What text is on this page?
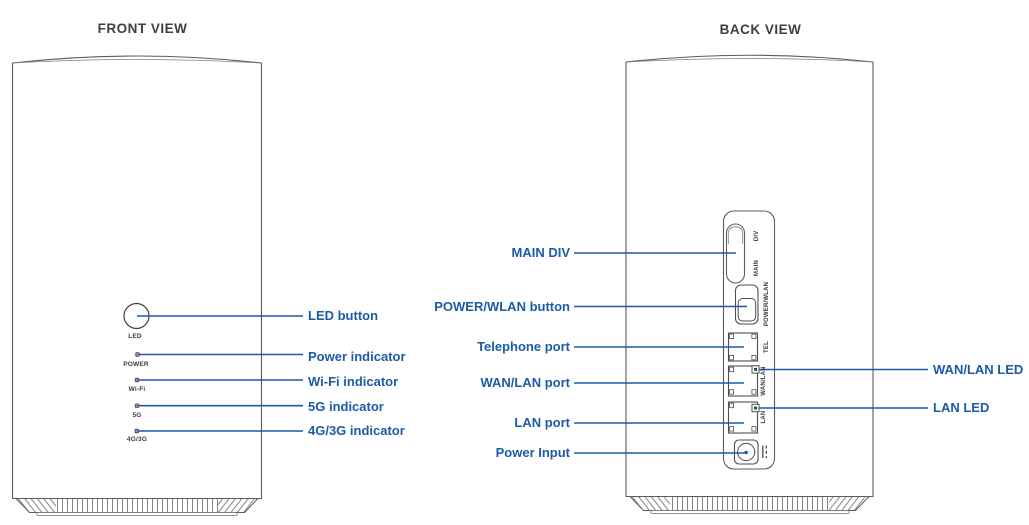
FRONT VIEW	BACK VIEW
LED
POWER
Wi-Fi
5G
4G/3G
LED button
Power indicator
Wi-Fi indicator
5G indicator
4G/3G indicator
MAIN DIV
POWER/WLAN button
Telephone port
WAN/LAN port
LAN port
Power Input
WAN/LAN LED
LAN LED
DIV
MAIN
POWER/WLAN
TEL
WAN/LAN
LAN
